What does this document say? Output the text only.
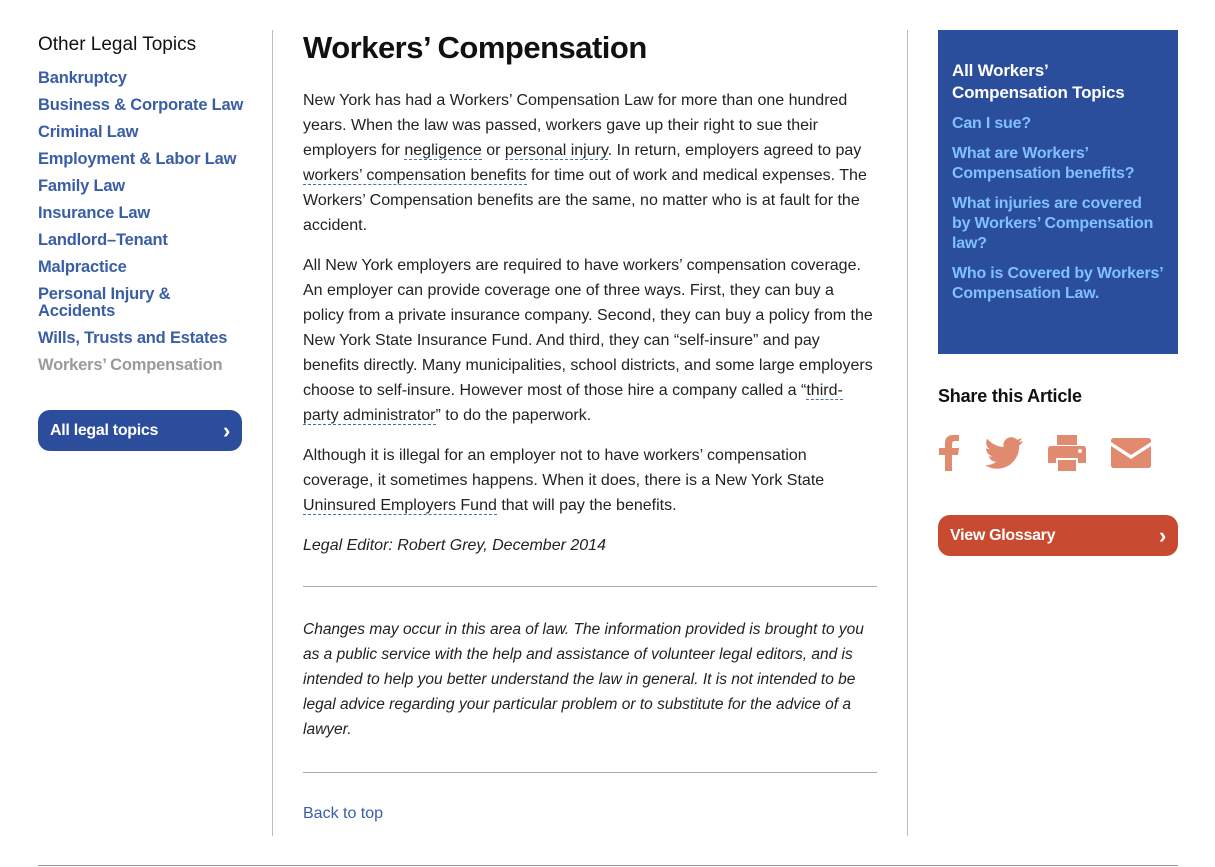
Other Legal Topics
Bankruptcy
Business & Corporate Law
Criminal Law
Employment & Labor Law
Family Law
Insurance Law
Landlord–Tenant
Malpractice
Personal Injury & Accidents
Wills, Trusts and Estates
Workers’ Compensation
All legal topics	›
Workers’ Compensation

New York has had a Workers’ Compensation Law for more than one hundred years. When the law was passed, workers gave up their right to sue their employers for negligence or personal injury. In return, employers agreed to pay workers’ compensation benefits for time out of work and medical expenses. The Workers’ Compensation benefits are the same, no matter who is at fault for the accident.

All New York employers are required to have workers’ compensation coverage. An employer can provide coverage one of three ways. First, they can buy a policy from a private insurance company. Second, they can buy a policy from the New York State Insurance Fund. And third, they can “self-insure” and pay benefits directly. Many municipalities, school districts, and some large employers choose to self-insure. However most of those hire a company called a “third-party administrator” to do the paperwork.

Although it is illegal for an employer not to have workers’ compensation coverage, it sometimes happens. When it does, there is a New York State Uninsured Employers Fund that will pay the benefits.

Legal Editor: Robert Grey, December 2014

Changes may occur in this area of law. The information provided is brought to you as a public service with the help and assistance of volunteer legal editors, and is intended to help you better understand the law in general. It is not intended to be legal advice regarding your particular problem or to substitute for the advice of a lawyer.

Back to top
All Workers’ Compensation Topics
Can I sue?
What are Workers’ Compensation benefits?
What injuries are covered by Workers’ Compensation law?
Who is Covered by Workers’ Compensation Law.
Share this Article
View Glossary	›
